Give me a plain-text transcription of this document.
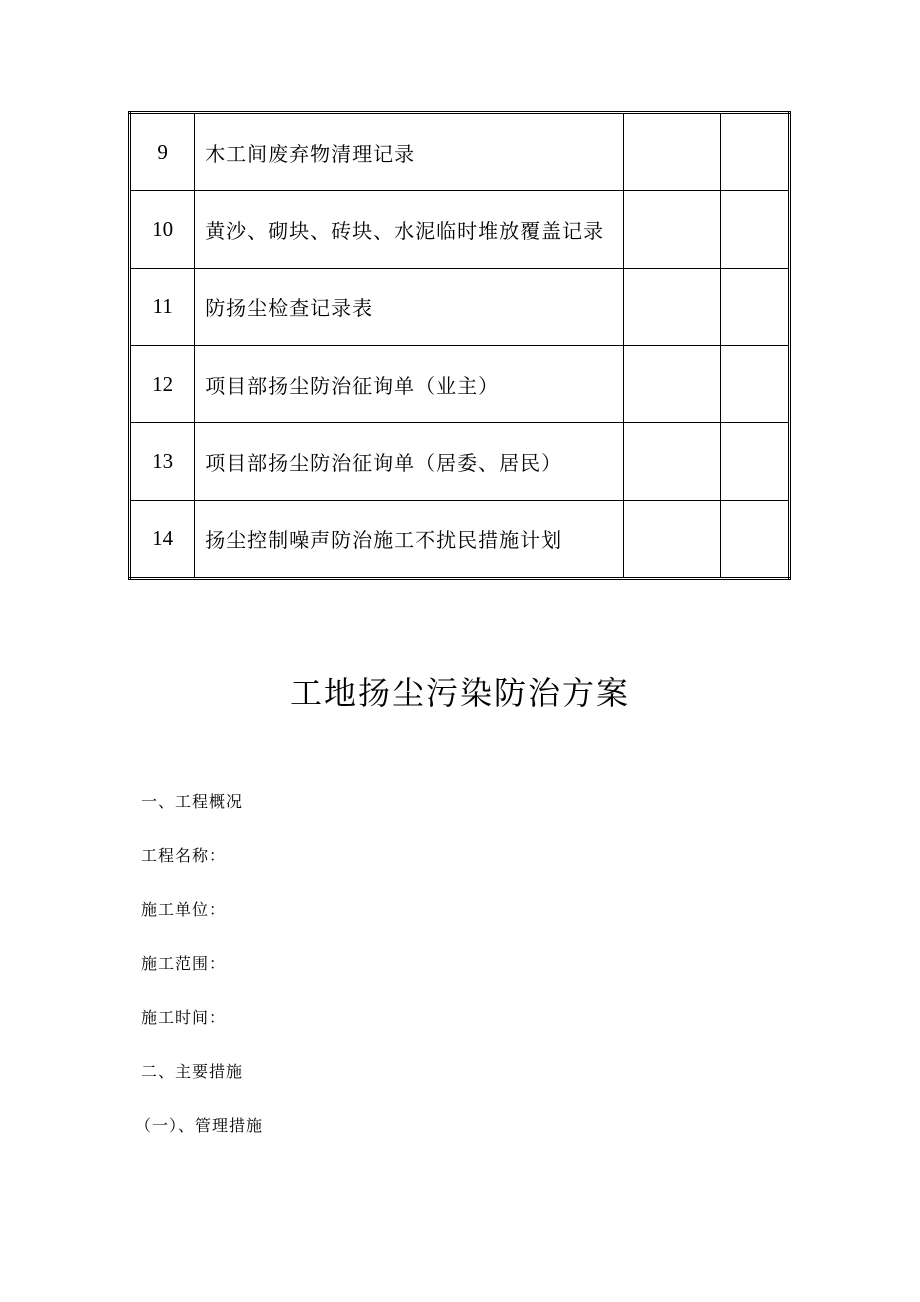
9	木工间废弃物清理记录		
10	黄沙、砌块、砖块、水泥临时堆放覆盖记录		
11	防扬尘检查记录表		
12	项目部扬尘防治征询单（业主）		
13	项目部扬尘防治征询单（居委、居民）		
14	扬尘控制噪声防治施工不扰民措施计划		
工地扬尘污染防治方案
一、工程概况
工程名称：
施工单位：
施工范围：
施工时间：
二、主要措施
（一）、管理措施
